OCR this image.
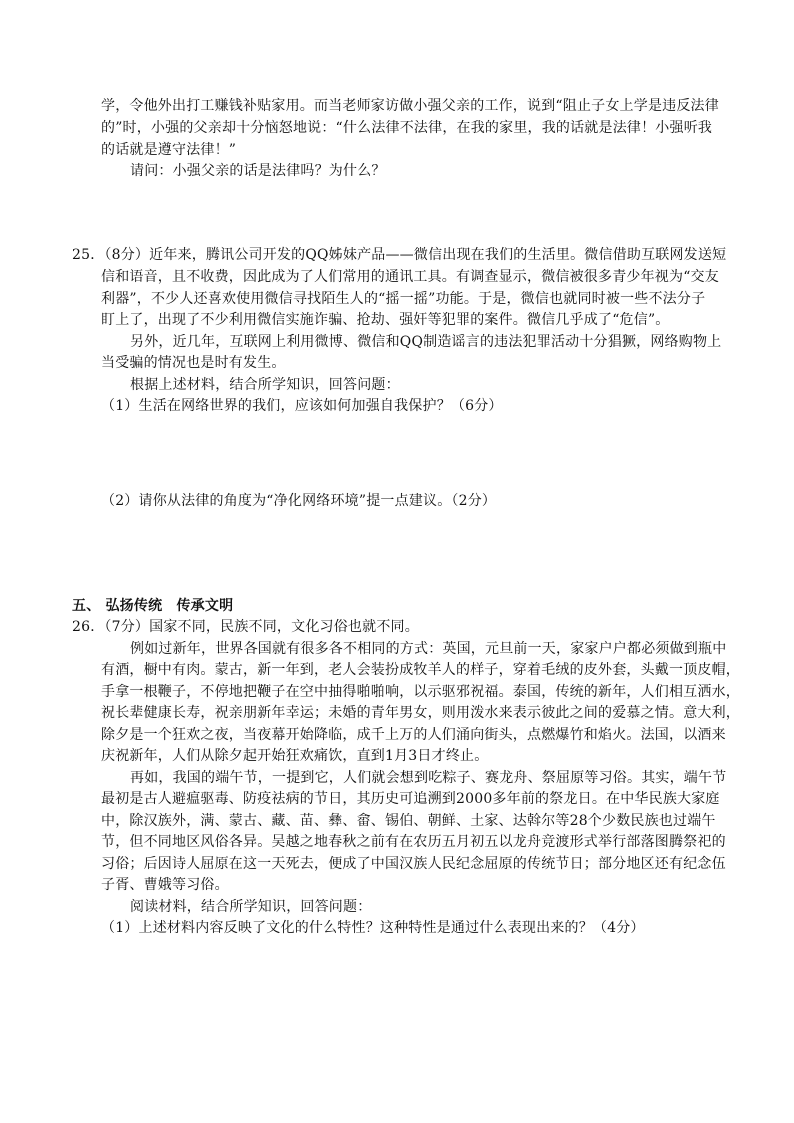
学，令他外出打工赚钱补贴家用。而当老师家访做小强父亲的工作，说到“阻止子女上学是违反法律
的”时，小强的父亲却十分恼怒地说：“什么法律不法律，在我的家里，我的话就是法律！小强听我
的话就是遵守法律！”
请问：小强父亲的话是法律吗？为什么？
25．（8分）近年来，腾讯公司开发的QQ姊妹产品——微信出现在我们的生活里。微信借助互联网发送短
信和语音，且不收费，因此成为了人们常用的通讯工具。有调查显示，微信被很多青少年视为“交友
利器”，不少人还喜欢使用微信寻找陌生人的“摇一摇”功能。于是，微信也就同时被一些不法分子
盯上了，出现了不少利用微信实施诈骗、抢劫、强奸等犯罪的案件。微信几乎成了“危信”。
另外，近几年，互联网上利用微博、微信和QQ制造谣言的违法犯罪活动十分猖獗，网络购物上
当受骗的情况也是时有发生。
根据上述材料，结合所学知识，回答问题：
（1）生活在网络世界的我们，应该如何加强自我保护？（6分）
（2）请你从法律的角度为“净化网络环境”提一点建议。（2分）
五、 弘扬传统　传承文明
26．（7分）国家不同，民族不同，文化习俗也就不同。
例如过新年，世界各国就有很多各不相同的方式：英国，元旦前一天，家家户户都必须做到瓶中
有酒，橱中有肉。蒙古，新一年到，老人会装扮成牧羊人的样子，穿着毛绒的皮外套，头戴一顶皮帽，
手拿一根鞭子，不停地把鞭子在空中抽得啪啪响，以示驱邪祝福。泰国，传统的新年，人们相互洒水，
祝长辈健康长寿，祝亲朋新年幸运；未婚的青年男女，则用泼水来表示彼此之间的爱慕之情。意大利，
除夕是一个狂欢之夜，当夜幕开始降临，成千上万的人们涌向街头，点燃爆竹和焰火。法国，以酒来
庆祝新年，人们从除夕起开始狂欢痛饮，直到1月3日才终止。
再如，我国的端午节，一提到它，人们就会想到吃粽子、赛龙舟、祭屈原等习俗。其实，端午节
最初是古人避瘟驱毒、防疫祛病的节日，其历史可追溯到2000多年前的祭龙日。在中华民族大家庭
中，除汉族外，满、蒙古、藏、苗、彝、畲、锡伯、朝鲜、土家、达斡尔等28个少数民族也过端午
节，但不同地区风俗各异。吴越之地春秋之前有在农历五月初五以龙舟竞渡形式举行部落图腾祭祀的
习俗；后因诗人屈原在这一天死去，便成了中国汉族人民纪念屈原的传统节日；部分地区还有纪念伍
子胥、曹娥等习俗。
阅读材料，结合所学知识，回答问题：
（1）上述材料内容反映了文化的什么特性？这种特性是通过什么表现出来的？（4分）
